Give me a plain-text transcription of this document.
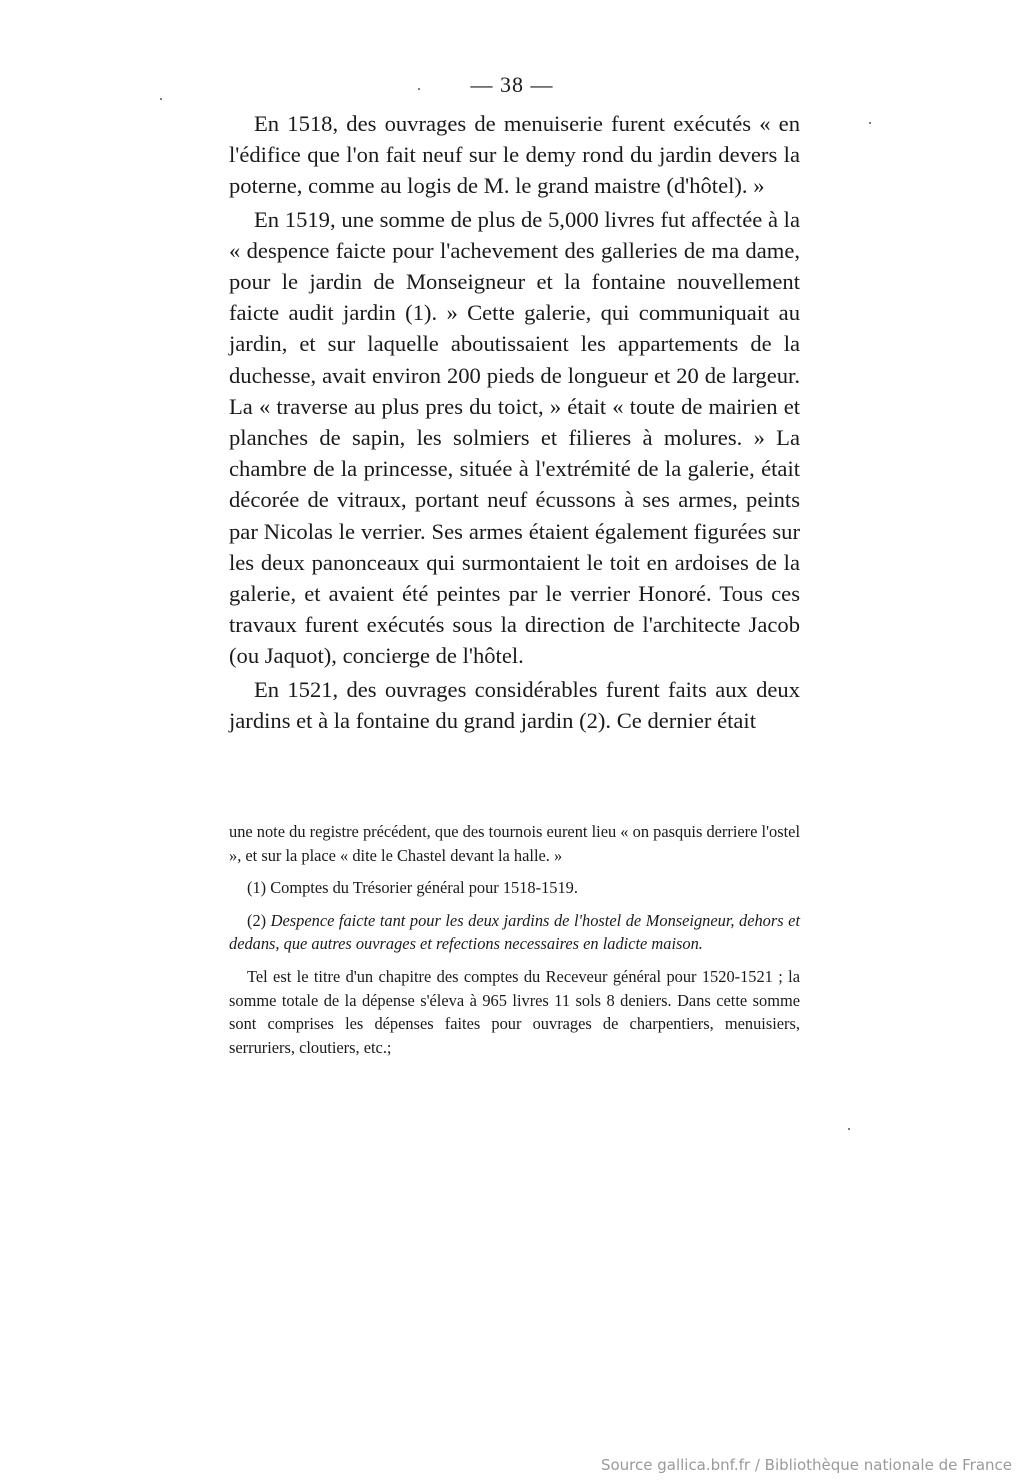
— 38 —

En 1518, des ouvrages de menuiserie furent exécutés « en l'édifice que l'on fait neuf sur le demy rond du jardin devers la poterne, comme au logis de M. le grand maistre (d'hôtel). »

En 1519, une somme de plus de 5,000 livres fut affectée à la « despence faicte pour l'achevement des galleries de ma dame, pour le jardin de Monseigneur et la fontaine nouvellement faicte audit jardin (1). » Cette galerie, qui communiquait au jardin, et sur laquelle aboutissaient les appartements de la duchesse, avait environ 200 pieds de longueur et 20 de largeur. La « traverse au plus pres du toict, » était « toute de mairien et planches de sapin, les solmiers et filieres à molures. » La chambre de la princesse, située à l'extrémité de la galerie, était décorée de vitraux, portant neuf écussons à ses armes, peints par Nicolas le verrier. Ses armes étaient également figurées sur les deux panonceaux qui surmontaient le toit en ardoises de la galerie, et avaient été peintes par le verrier Honoré. Tous ces travaux furent exécutés sous la direction de l'architecte Jacob (ou Jaquot), concierge de l'hôtel.

En 1521, des ouvrages considérables furent faits aux deux jardins et à la fontaine du grand jardin (2). Ce dernier était

une note du registre précédent, que des tournois eurent lieu « on pasquis derriere l'ostel », et sur la place « dite le Chastel devant la halle. »

(1) Comptes du Trésorier général pour 1518-1519.

(2) Despence faicte tant pour les deux jardins de l'hostel de Monseigneur, dehors et dedans, que autres ouvrages et refections necessaires en ladicte maison.

Tel est le titre d'un chapitre des comptes du Receveur général pour 1520-1521 ; la somme totale de la dépense s'éleva à 965 livres 11 sols 8 deniers. Dans cette somme sont comprises les dépenses faites pour ouvrages de charpentiers, menuisiers, serruriers, cloutiers, etc.;

Source gallica.bnf.fr / Bibliothèque nationale de France
